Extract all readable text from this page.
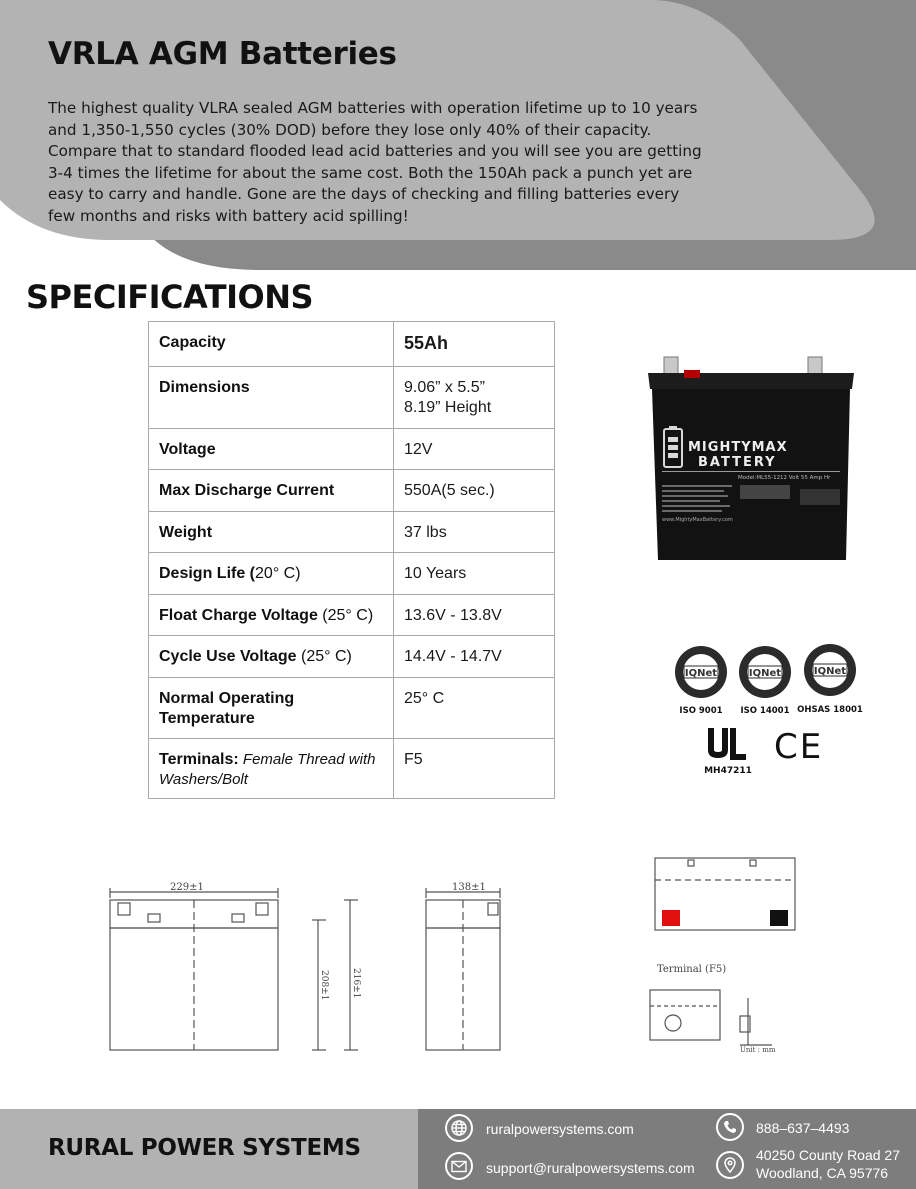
VRLA AGM Batteries

The highest quality VLRA sealed AGM batteries with operation lifetime up to 10 years and 1,350-1,550 cycles (30% DOD) before they lose only 40% of their capacity. Compare that to standard flooded lead acid batteries and you will see you are getting 3-4 times the lifetime for about the same cost. Both the 150Ah pack a punch yet are easy to carry and handle. Gone are the days of checking and filling batteries every few months and risks with battery acid spilling!

SPECIFICATIONS
Capacity	55Ah
Dimensions	9.06” x 5.5”
8.19” Height
Voltage	12V
Max Discharge Current	550A(5 sec.)
Weight	37 lbs
Design Life (20° C)	10 Years
Float Charge Voltage (25° C)	13.6V - 13.8V
Cycle Use Voltage (25° C)	14.4V - 14.7V
Normal Operating Temperature	25° C
Terminals: Female Thread with Washers/Bolt	F5
MIGHTYMAX
BATTERY
Model:ML55-12 12 Volt 55 Amp Hr
www.MightyMaxBattery.com
IQNet
ISO 9001
IQNet
ISO 14001
IQNet
OHSAS 18001
MH47211
CE
229±1
208±1 216±1
138±1
Terminal (F5)
Unit : mm
RURAL POWER SYSTEMS
ruralpowersystems.com
support@ruralpowersystems.com
888–637–4493
40250 County Road 27
Woodland, CA 95776
